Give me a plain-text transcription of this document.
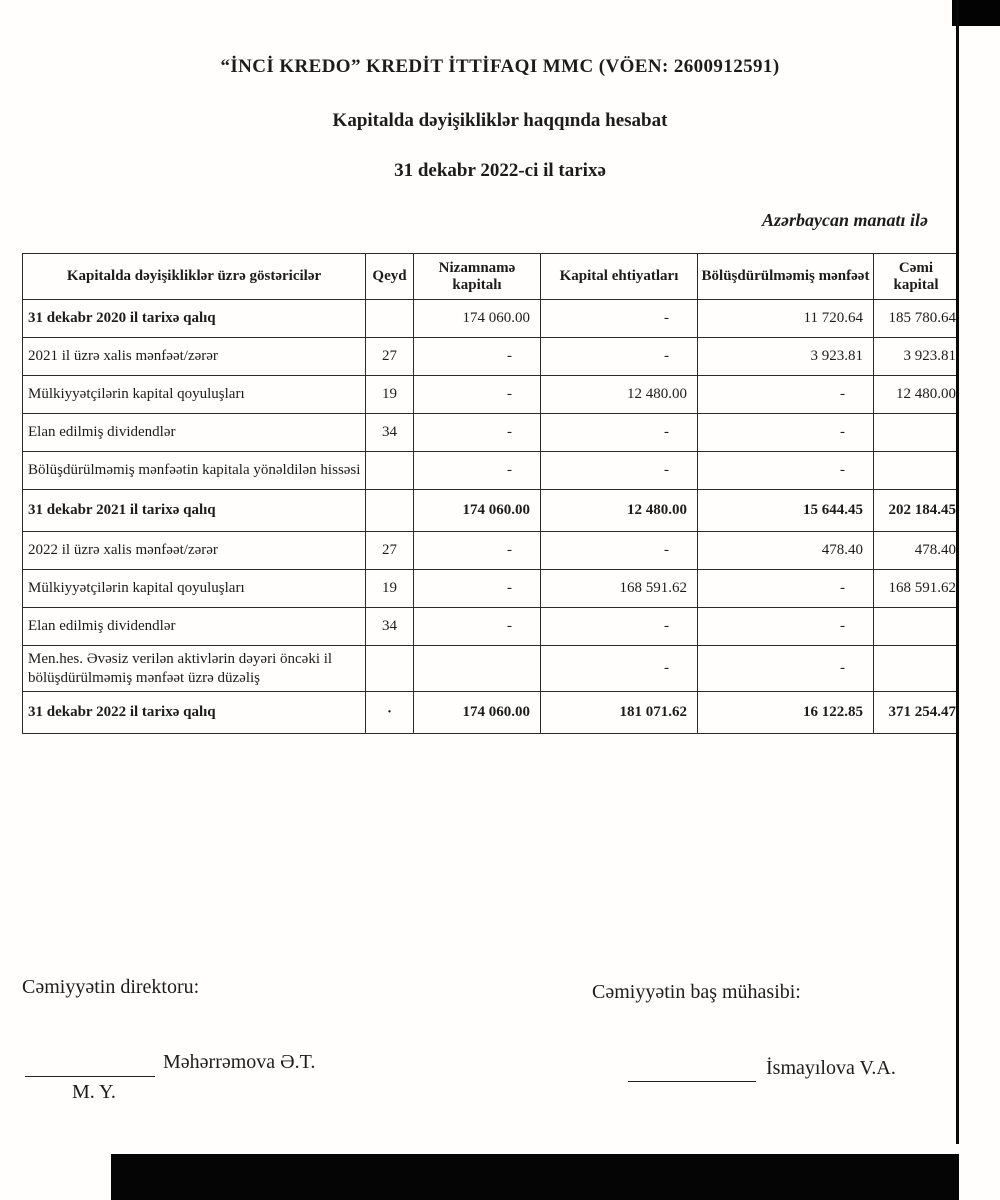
“İNCİ KREDO” KREDİT İTTİFAQI MMC (VÖEN: 2600912591)
Kapitalda dəyişikliklər haqqında hesabat
31 dekabr 2022-ci il tarixə
Azərbaycan manatı ilə
Kapitalda dəyişikliklər üzrə göstəricilər	Qeyd	Nizamnamə kapitalı	Kapital ehtiyatları	Bölüşdürülməmiş mənfəət	Cəmi kapital
31 dekabr 2020 il tarixə qalıq		174 060.00	-	11 720.64	185 780.64
2021 il üzrə xalis mənfəət/zərər	27	-	-	3 923.81	3 923.81
Mülkiyyətçilərin kapital qoyuluşları	19	-	12 480.00	-	12 480.00
Elan edilmiş dividendlər	34	-	-	-	
Bölüşdürülməmiş mənfəətin kapitala yönəldilən hissəsi		-	-	-	
31 dekabr 2021 il tarixə qalıq		174 060.00	12 480.00	15 644.45	202 184.45
2022 il üzrə xalis mənfəət/zərər	27	-	-	478.40	478.40
Mülkiyyətçilərin kapital qoyuluşları	19	-	168 591.62	-	168 591.62
Elan edilmiş dividendlər	34	-	-	-	
Men.hes. Əvəsiz verilən aktivlərin dəyəri öncəki il bölüşdürülməmiş mənfəət üzrə düzəliş			-	-	
31 dekabr 2022 il tarixə qalıq	·	174 060.00	181 071.62	16 122.85	371 254.47
Cəmiyyətin direktoru:	Cəmiyyətin baş mühasibi:
Məhərrəmova Ə.T.
M. Y.
İsmayılova V.A.
